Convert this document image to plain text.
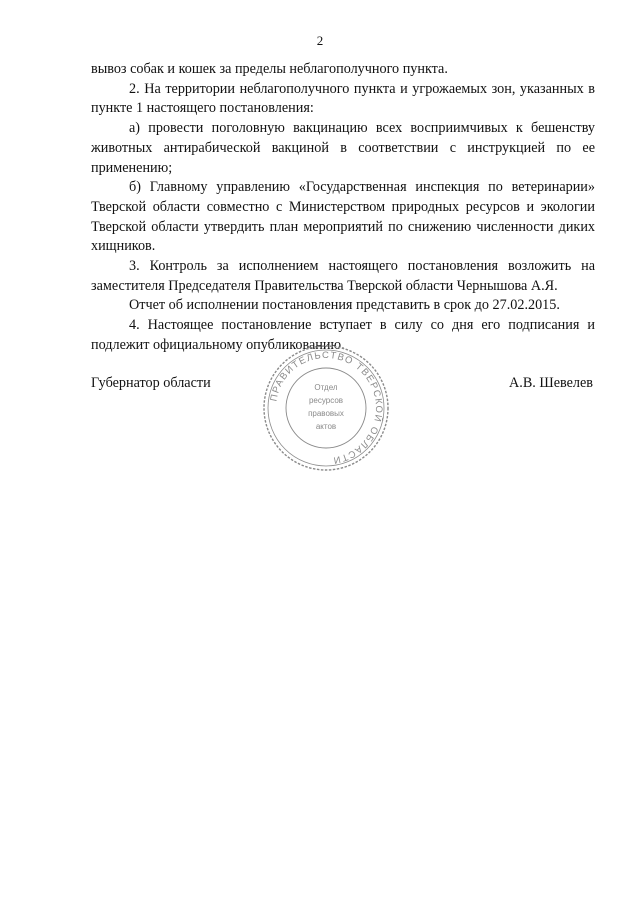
2

вывоз собак и кошек за пределы неблагополучного пункта.

2. На территории неблагополучного пункта и угрожаемых зон, указанных в пункте 1 настоящего постановления:

а) провести поголовную вакцинацию всех восприимчивых к бешенству животных антирабической вакциной в соответствии с инструкцией по ее применению;

б) Главному управлению «Государственная инспекция по ветеринарии» Тверской области совместно с Министерством природных ресурсов и экологии Тверской области утвердить план мероприятий по снижению численности диких хищников.

3. Контроль за исполнением настоящего постановления возложить на заместителя Председателя Правительства Тверской области Чернышова А.Я.

Отчет об исполнении постановления представить в срок до 27.02.2015.

4. Настоящее постановление вступает в силу со дня его подписания и подлежит официальному опубликованию.

Губернатор области	А.В. Шевелев
ПРАВИТЕЛЬСТВО ТВЕРСКОЙ ОБЛАСТИ
Отдел
ресурсов
правовых
актов
